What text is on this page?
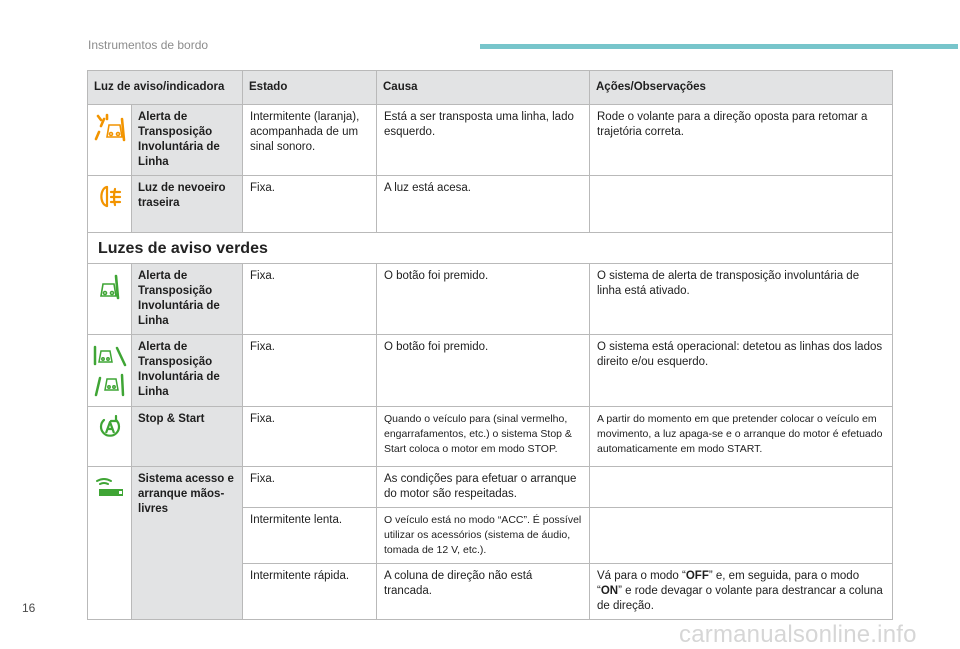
Instrumentos de bordo
Luz de aviso/indicadora		Estado	Causa	Ações/Observações

	Alerta de Transposição Involuntária de Linha	Intermitente (laranja), acompanhada de um sinal sonoro.	Está a ser transposta uma linha, lado esquerdo.	Rode o volante para a direção oposta para retomar a trajetória correta.

	Luz de nevoeiro traseira	Fixa.	A luz está acesa.	
Luzes de aviso verdes				

	Alerta de Transposição Involuntária de Linha	Fixa.	O botão foi premido.	O sistema de alerta de transposição involuntária de linha está ativado.

	Alerta de Transposição Involuntária de Linha	Fixa.	O botão foi premido.	O sistema está operacional: detetou as linhas dos lados direito e/ou esquerdo.

	Stop & Start	Fixa.	Quando o veículo para (sinal vermelho, engarrafamentos, etc.) o sistema Stop & Start coloca o motor em modo STOP.	A partir do momento em que pretender colocar o veículo em movimento, a luz apaga-se e o arranque do motor é efetuado automaticamente em modo START.

	Sistema acesso e arranque mãos-livres	Fixa.	As condições para efetuar o arranque do motor são respeitadas.	
		Intermitente lenta.	O veículo está no modo “ACC”. É possível utilizar os acessórios (sistema de áudio, tomada de 12 V, etc.).	
		Intermitente rápida.	A coluna de direção não está trancada.	Vá para o modo “OFF” e, em seguida, para o modo “ON” e rode devagar o volante para destrancar a coluna de direção.
16
carmanualsonline.info
